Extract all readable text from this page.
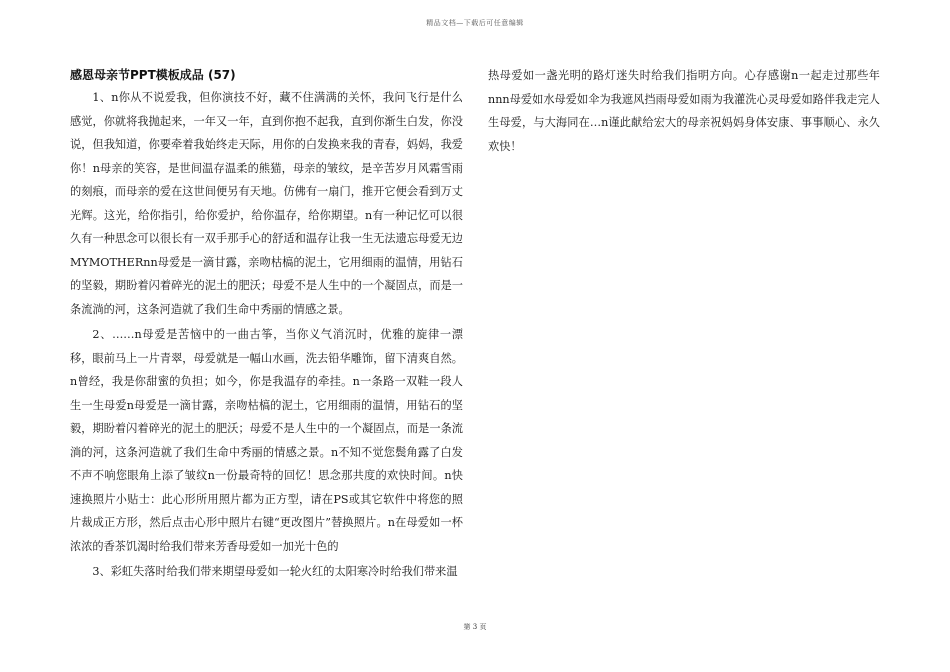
精品文档—下载后可任意编辑
感恩母亲节PPT模板成品 (57)

1、n你从不说爱我，但你演技不好，藏不住满满的关怀，我问飞行是什么感觉，你就将我抛起来，一年又一年，直到你抱不起我，直到你渐生白发，你没说，但我知道，你要牵着我始终走天际，用你的白发换来我的青春，妈妈，我爱你！n母亲的笑容，是世间温存温柔的熊猫，母亲的皱纹，是辛苦岁月风霜雪雨的刻痕，而母亲的爱在这世间便另有天地。仿佛有一扇门，推开它便会看到万丈光辉。这光，给你指引，给你爱护，给你温存，给你期望。n有一种记忆可以很久有一种思念可以很长有一双手那手心的舒适和温存让我一生无法遗忘母爱无边MYMOTHERnn母爱是一滴甘露，亲吻枯槁的泥土，它用细雨的温情，用钻石的坚毅，期盼着闪着碎光的泥土的肥沃；母爱不是人生中的一个凝固点，而是一条流淌的河，这条河造就了我们生命中秀丽的情感之景。

2、……n母爱是苦恼中的一曲古筝，当你义气消沉时，优雅的旋律一漂移，眼前马上一片青翠，母爱就是一幅山水画，洗去铅华雕饰，留下清爽自然。n曾经，我是你甜蜜的负担；如今，你是我温存的牵挂。n一条路一双鞋一段人生一生母爱n母爱是一滴甘露，亲吻枯槁的泥土，它用细雨的温情，用钻石的坚毅，期盼着闪着碎光的泥土的肥沃；母爱不是人生中的一个凝固点，而是一条流淌的河，这条河造就了我们生命中秀丽的情感之景。n不知不觉您鬓角露了白发不声不响您眼角上添了皱纹n一份最奇特的回忆！思念那共度的欢快时间。n快速换照片小贴士：此心形所用照片都为正方型，请在PS或其它软件中将您的照片裁成正方形，然后点击心形中照片右键“更改图片”替换照片。n在母爱如一杯浓浓的香茶饥渴时给我们带来芳香母爱如一加光十色的

3、彩虹失落时给我们带来期望母爱如一轮火红的太阳寒冷时给我们带来温

热母爱如一盏光明的路灯迷失时给我们指明方向。心存感谢n一起走过那些年nnn母爱如水母爱如伞为我遮风挡雨母爱如雨为我灌洗心灵母爱如路伴我走完人生母爱，与大海同在…n谨此献给宏大的母亲祝妈妈身体安康、事事顺心、永久欢快！

第 3 页
